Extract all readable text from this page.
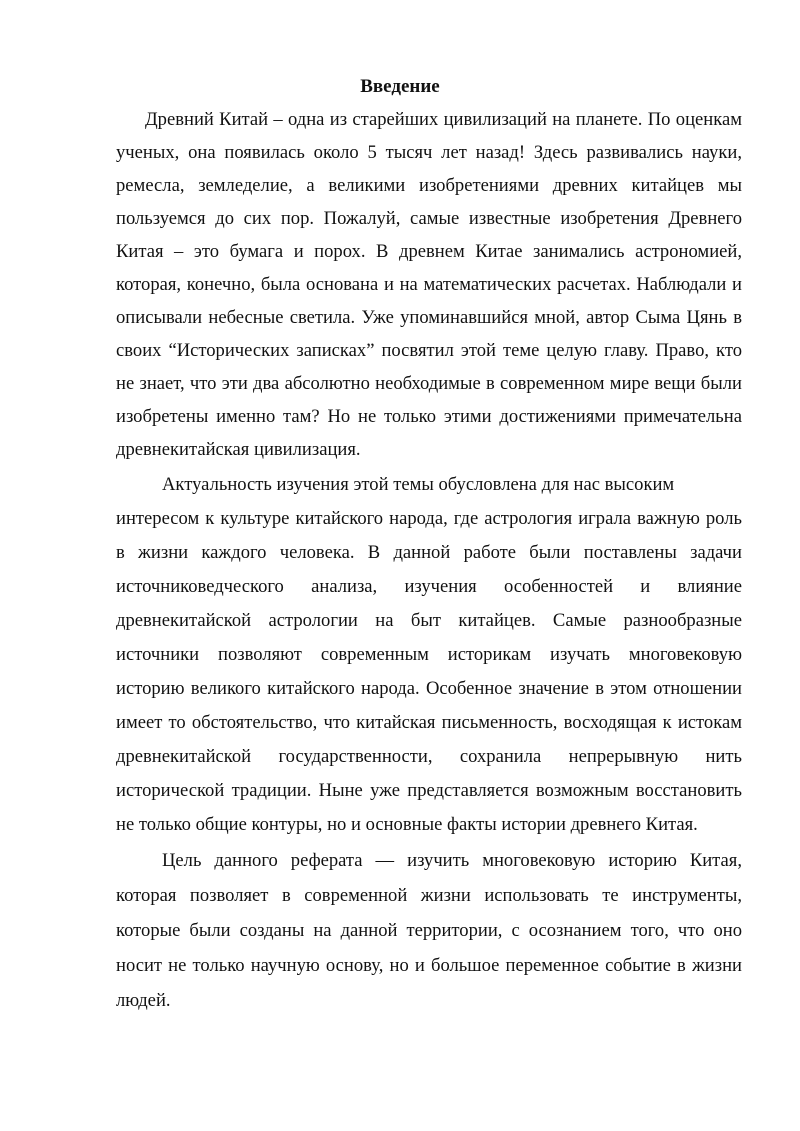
Введение
Древний Китай – одна из старейших цивилизаций на планете. По оценкам
ученых, она появилась около 5 тысяч лет назад! Здесь развивались науки,
ремесла, земледелие, а великими изобретениями древних китайцев мы
пользуемся до сих пор. Пожалуй, самые известные изобретения Древнего
Китая – это бумага и порох. В древнем Китае занимались астрономией,
которая, конечно, была основана и на математических расчетах. Наблюдали и
описывали небесные светила. Уже упоминавшийся мной, автор Сыма Цянь в
своих “Исторических записках” посвятил этой теме целую главу. Право, кто
не знает, что эти два абсолютно необходимые в современном мире вещи были
изобретены именно там? Но не только этими достижениями примечательна
древнекитайская цивилизация.
Актуальность изучения этой темы обусловлена для нас высоким
интересом к культуре китайского народа, где астрология играла важную роль
в жизни каждого человека. В данной работе были поставлены задачи
источниковедческого анализа, изучения особенностей и влияние
древнекитайской астрологии на быт китайцев. Самые разнообразные
источники позволяют современным историкам изучать многовековую
историю великого китайского народа. Особенное значение в этом отношении
имеет то обстоятельство, что китайская письменность, восходящая к истокам
древнекитайской государственности, сохранила непрерывную нить
исторической традиции. Ныне уже представляется возможным восстановить
не только общие контуры, но и основные факты истории древнего Китая.
Цель данного реферата — изучить многовековую историю Китая,
которая позволяет в современной жизни использовать те инструменты,
которые были созданы на данной территории, с осознанием того, что оно
носит не только научную основу, но и большое переменное событие в жизни
людей.
